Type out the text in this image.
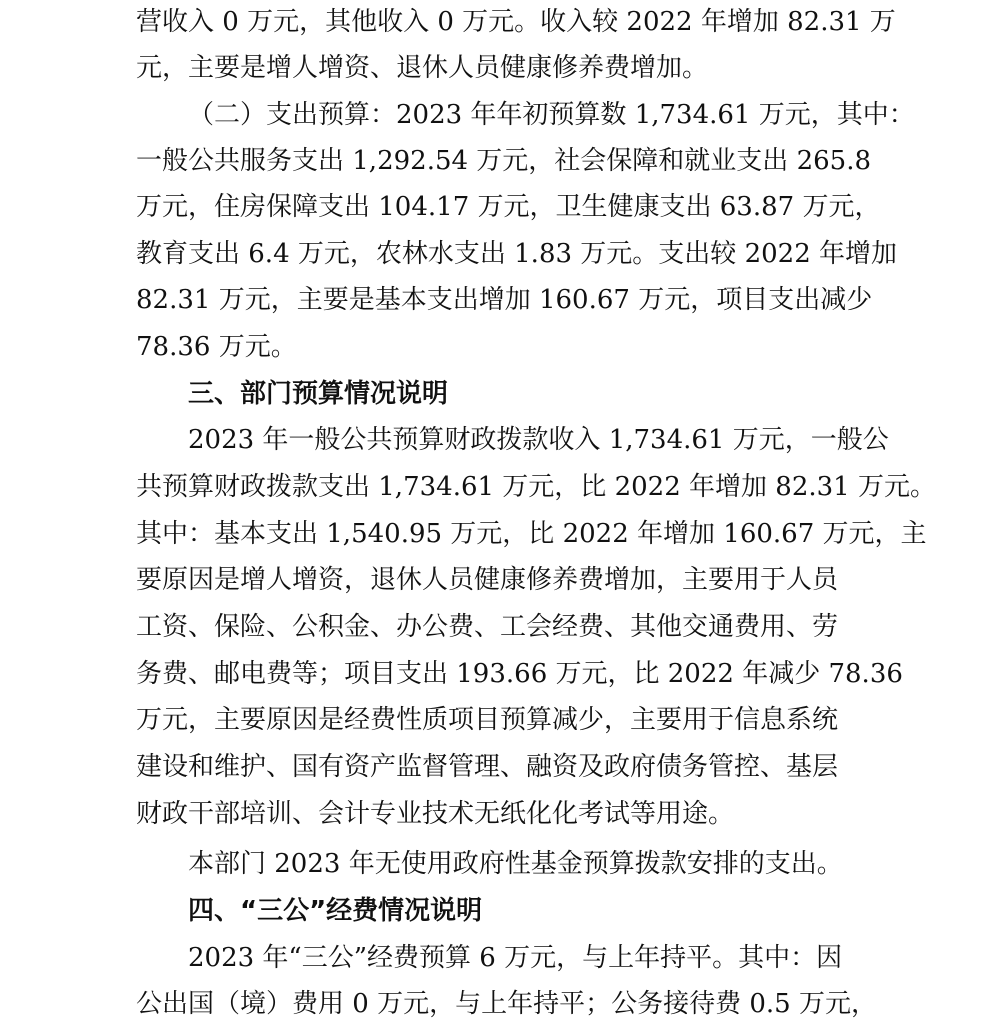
营收入 0 万元，其他收入 0 万元。收入较 2022 年增加 82.31 万
元，主要是增人增资、退休人员健康修养费增加。
（二）支出预算：2023 年年初预算数 1,734.61 万元，其中：
一般公共服务支出 1,292.54 万元，社会保障和就业支出 265.8
万元，住房保障支出 104.17 万元，卫生健康支出 63.87 万元，
教育支出 6.4 万元，农林水支出 1.83 万元。支出较 2022 年增加
82.31 万元，主要是基本支出增加 160.67 万元，项目支出减少
78.36 万元。
三、部门预算情况说明
2023 年一般公共预算财政拨款收入 1,734.61 万元，一般公
共预算财政拨款支出 1,734.61 万元，比 2022 年增加 82.31 万元。
其中：基本支出 1,540.95 万元，比 2022 年增加 160.67 万元，主
要原因是增人增资，退休人员健康修养费增加，主要用于人员
工资、保险、公积金、办公费、工会经费、其他交通费用、劳
务费、邮电费等；项目支出 193.66 万元，比 2022 年减少 78.36
万元，主要原因是经费性质项目预算减少，主要用于信息系统
建设和维护、国有资产监督管理、融资及政府债务管控、基层
财政干部培训、会计专业技术无纸化化考试等用途。
本部门 2023 年无使用政府性基金预算拨款安排的支出。
四、“三公”经费情况说明
2023 年“三公”经费预算 6 万元，与上年持平。其中：因
公出国（境）费用 0 万元，与上年持平；公务接待费 0.5 万元，
